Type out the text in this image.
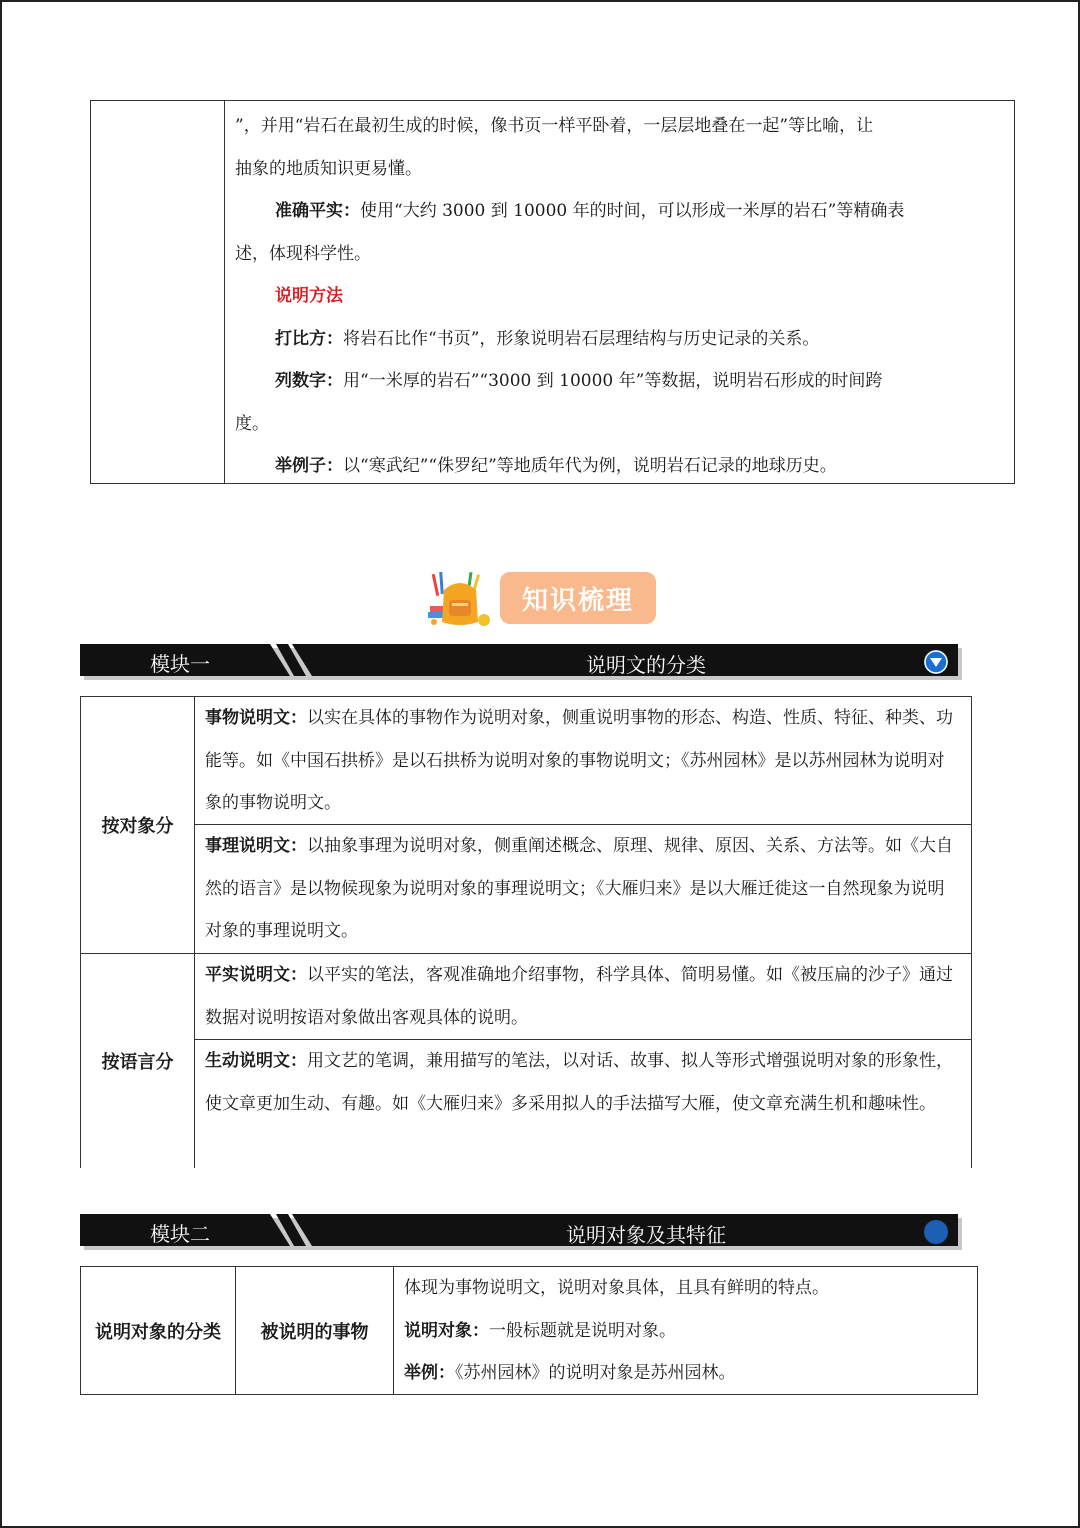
”，并用“岩石在最初生成的时候，像书页一样平卧着，一层层地叠在一起”等比喻，让
抽象的地质知识更易懂。
准确平实：使用“大约 3000 到 10000 年的时间，可以形成一米厚的岩石”等精确表
述，体现科学性。
说明方法
打比方：将岩石比作“书页”，形象说明岩石层理结构与历史记录的关系。
列数字：用“一米厚的岩石”“3000 到 10000 年”等数据，说明岩石形成的时间跨
度。
举例子：以“寒武纪”“侏罗纪”等地质年代为例，说明岩石记录的地球历史。
知识梳理
模块一	说明文的分类
按对象分
事物说明文：以实在具体的事物作为说明对象，侧重说明事物的形态、构造、性质、特征、种类、功能等。如《中国石拱桥》是以石拱桥为说明对象的事物说明文；《苏州园林》是以苏州园林为说明对象的事物说明文。
事理说明文：以抽象事理为说明对象，侧重阐述概念、原理、规律、原因、关系、方法等。如《大自然的语言》是以物候现象为说明对象的事理说明文；《大雁归来》是以大雁迁徙这一自然现象为说明对象的事理说明文。
按语言分
平实说明文：以平实的笔法，客观准确地介绍事物，科学具体、简明易懂。如《被压扁的沙子》通过数据对说明按语对象做出客观具体的说明。
生动说明文：用文艺的笔调，兼用描写的笔法，以对话、故事、拟人等形式增强说明对象的形象性，使文章更加生动、有趣。如《大雁归来》多采用拟人的手法描写大雁，使文章充满生机和趣味性。
模块二	说明对象及其特征
说明对象的分类	被说明的事物
体现为事物说明文，说明对象具体，且具有鲜明的特点。
说明对象：一般标题就是说明对象。
举例：《苏州园林》的说明对象是苏州园林。
